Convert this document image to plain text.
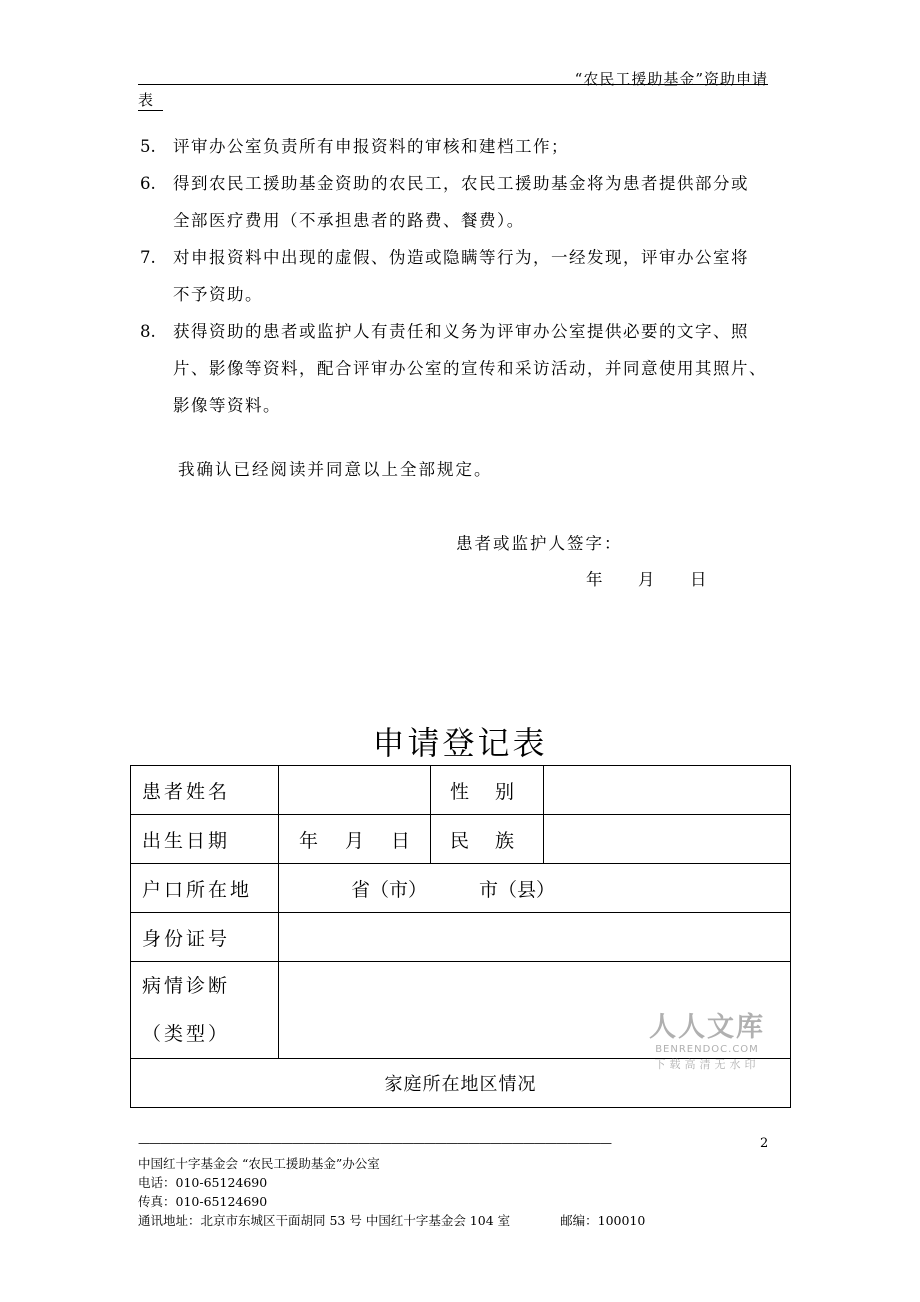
“农民工援助基金”资助申请
表
5.	评审办公室负责所有申报资料的审核和建档工作；
6.	得到农民工援助基金资助的农民工，农民工援助基金将为患者提供部分或
全部医疗费用（不承担患者的路费、餐费）。
7.	对申报资料中出现的虚假、伪造或隐瞒等行为，一经发现，评审办公室将
不予资助。
8.	获得资助的患者或监护人有责任和义务为评审办公室提供必要的文字、照
片、影像等资料，配合评审办公室的宣传和采访活动，并同意使用其照片、
影像等资料。
我确认已经阅读并同意以上全部规定。
患者或监护人签字：
年 月 日
申请登记表
患者姓名		性 别	
出生日期	年 月 日	民 族	
户口所在地	省（市） 市（县）		
身份证号			
病情诊断
（类型）			
家庭所在地区情况			
人人文库
BENRENDOC.COM
下载高清无水印
———————————————————————————————————————————	2
中国红十字基金会 “农民工援助基金”办公室
电话：010-65124690
传真：010-65124690
通讯地址：北京市东城区干面胡同 53 号 中国红十字基金会 104 室	邮编：100010
